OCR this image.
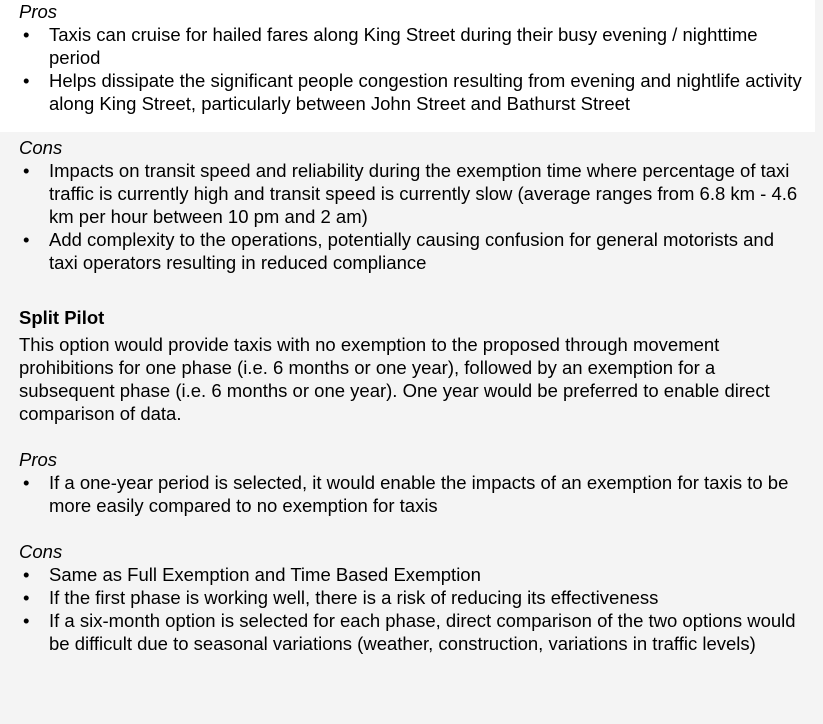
Pros

• Taxis can cruise for hailed fares along King Street during their busy evening / nighttime period
• Helps dissipate the significant people congestion resulting from evening and nightlife activity along King Street, particularly between John Street and Bathurst Street

Cons

• Impacts on transit speed and reliability during the exemption time where percentage of taxi traffic is currently high and transit speed is currently slow (average ranges from 6.8 km - 4.6 km per hour between 10 pm and 2 am)
• Add complexity to the operations, potentially causing confusion for general motorists and taxi operators resulting in reduced compliance

Split Pilot

This option would provide taxis with no exemption to the proposed through movement prohibitions for one phase (i.e. 6 months or one year), followed by an exemption for a subsequent phase (i.e. 6 months or one year). One year would be preferred to enable direct comparison of data.

Pros

• If a one-year period is selected, it would enable the impacts of an exemption for taxis to be more easily compared to no exemption for taxis

Cons

• Same as Full Exemption and Time Based Exemption
• If the first phase is working well, there is a risk of reducing its effectiveness
• If a six-month option is selected for each phase, direct comparison of the two options would be difficult due to seasonal variations (weather, construction, variations in traffic levels)
